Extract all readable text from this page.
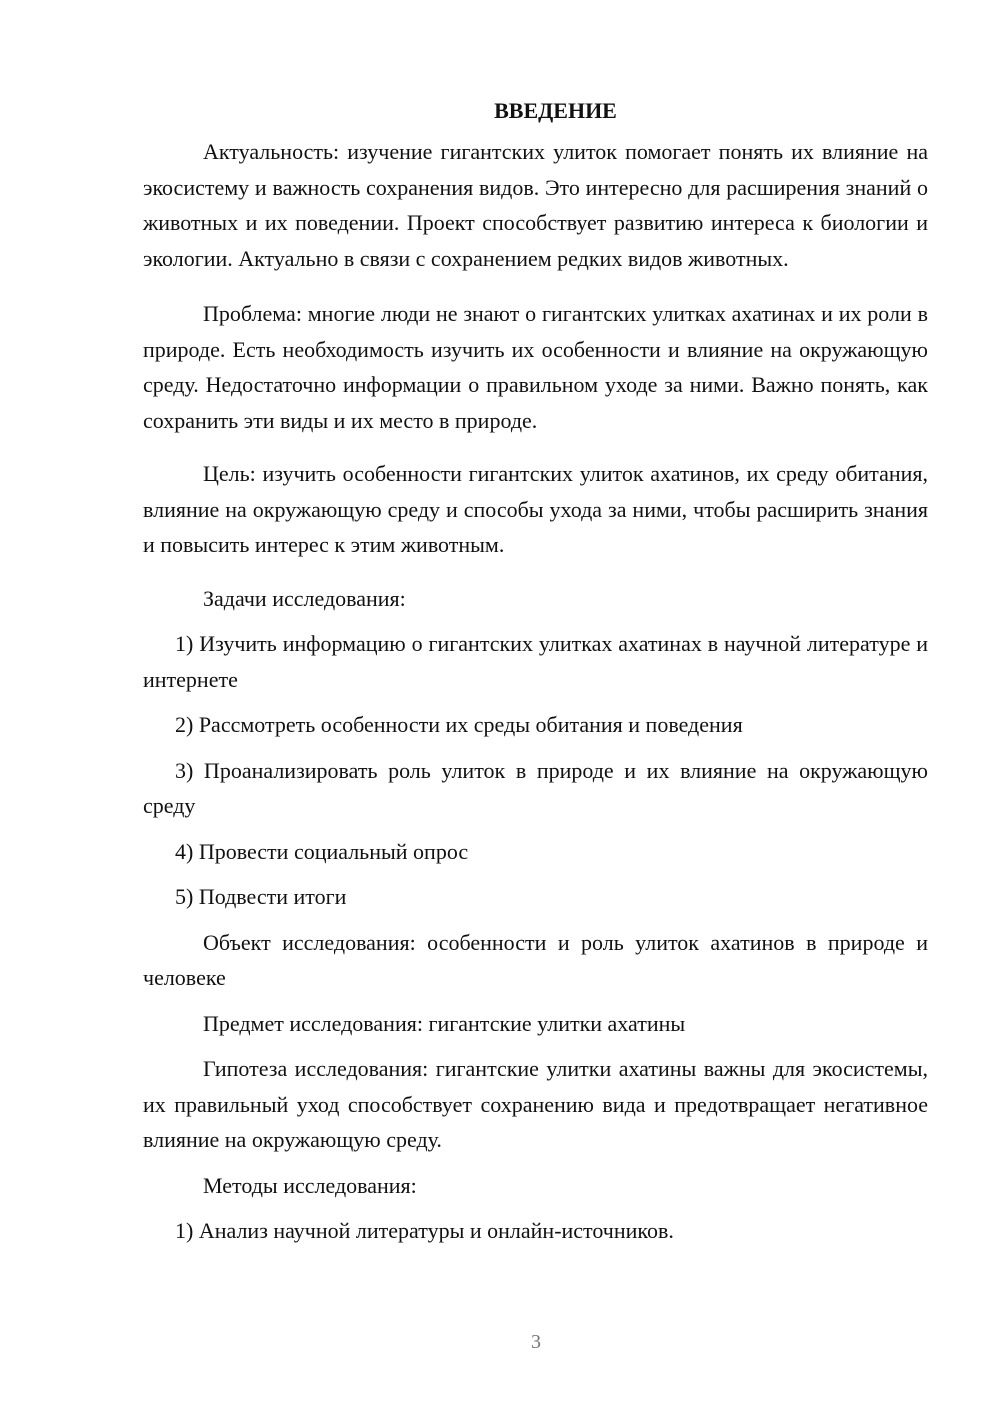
ВВЕДЕНИЕ

Актуальность: изучение гигантских улиток помогает понять их влияние на экосистему и важность сохранения видов. Это интересно для расширения знаний о животных и их поведении. Проект способствует развитию интереса к биологии и экологии. Актуально в связи с сохранением редких видов животных.

Проблема: многие люди не знают о гигантских улитках ахатинах и их роли в природе. Есть необходимость изучить их особенности и влияние на окружающую среду. Недостаточно информации о правильном уходе за ними. Важно понять, как сохранить эти виды и их место в природе.

Цель: изучить особенности гигантских улиток ахатинов, их среду обитания, влияние на окружающую среду и способы ухода за ними, чтобы расширить знания и повысить интерес к этим животным.

Задачи исследования:

1) Изучить информацию о гигантских улитках ахатинах в научной литературе и интернете

2) Рассмотреть особенности их среды обитания и поведения

3) Проанализировать роль улиток в природе и их влияние на окружающую среду

4) Провести социальный опрос

5) Подвести итоги

Объект исследования: особенности и роль улиток ахатинов в природе и человеке

Предмет исследования: гигантские улитки ахатины

Гипотеза исследования: гигантские улитки ахатины важны для экосистемы, их правильный уход способствует сохранению вида и предотвращает негативное влияние на окружающую среду.

Методы исследования:

1) Анализ научной литературы и онлайн-источников.

3
